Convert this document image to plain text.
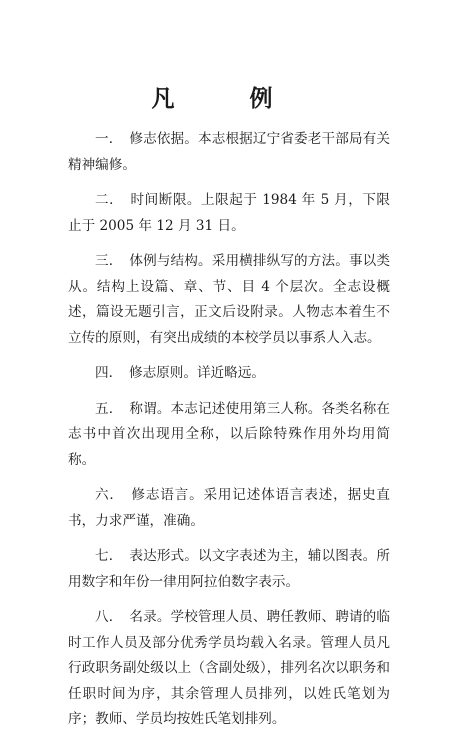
凡　例

一．　修志依据。本志根据辽宁省委老干部局有关精神编修。

二．　时间断限。上限起于 1984 年 5 月，下限止于 2005 年 12 月 31 日。

三．　体例与结构。采用横排纵写的方法。事以类从。结构上设篇、章、节、目 4 个层次。全志设概述，篇设无题引言，正文后设附录。人物志本着生不立传的原则，有突出成绩的本校学员以事系人入志。

四．　修志原则。详近略远。

五．　称谓。本志记述使用第三人称。各类名称在志书中首次出现用全称，以后除特殊作用外均用简称。

六．　修志语言。采用记述体语言表述，据史直书，力求严谨，准确。

七．　表达形式。以文字表述为主，辅以图表。所用数字和年份一律用阿拉伯数字表示。

八．　名录。学校管理人员、聘任教师、聘请的临时工作人员及部分优秀学员均载入名录。管理人员凡行政职务副处级以上（含副处级），排列名次以职务和任职时间为序，其余管理人员排列，以姓氏笔划为序；教师、学员均按姓氏笔划排列。
